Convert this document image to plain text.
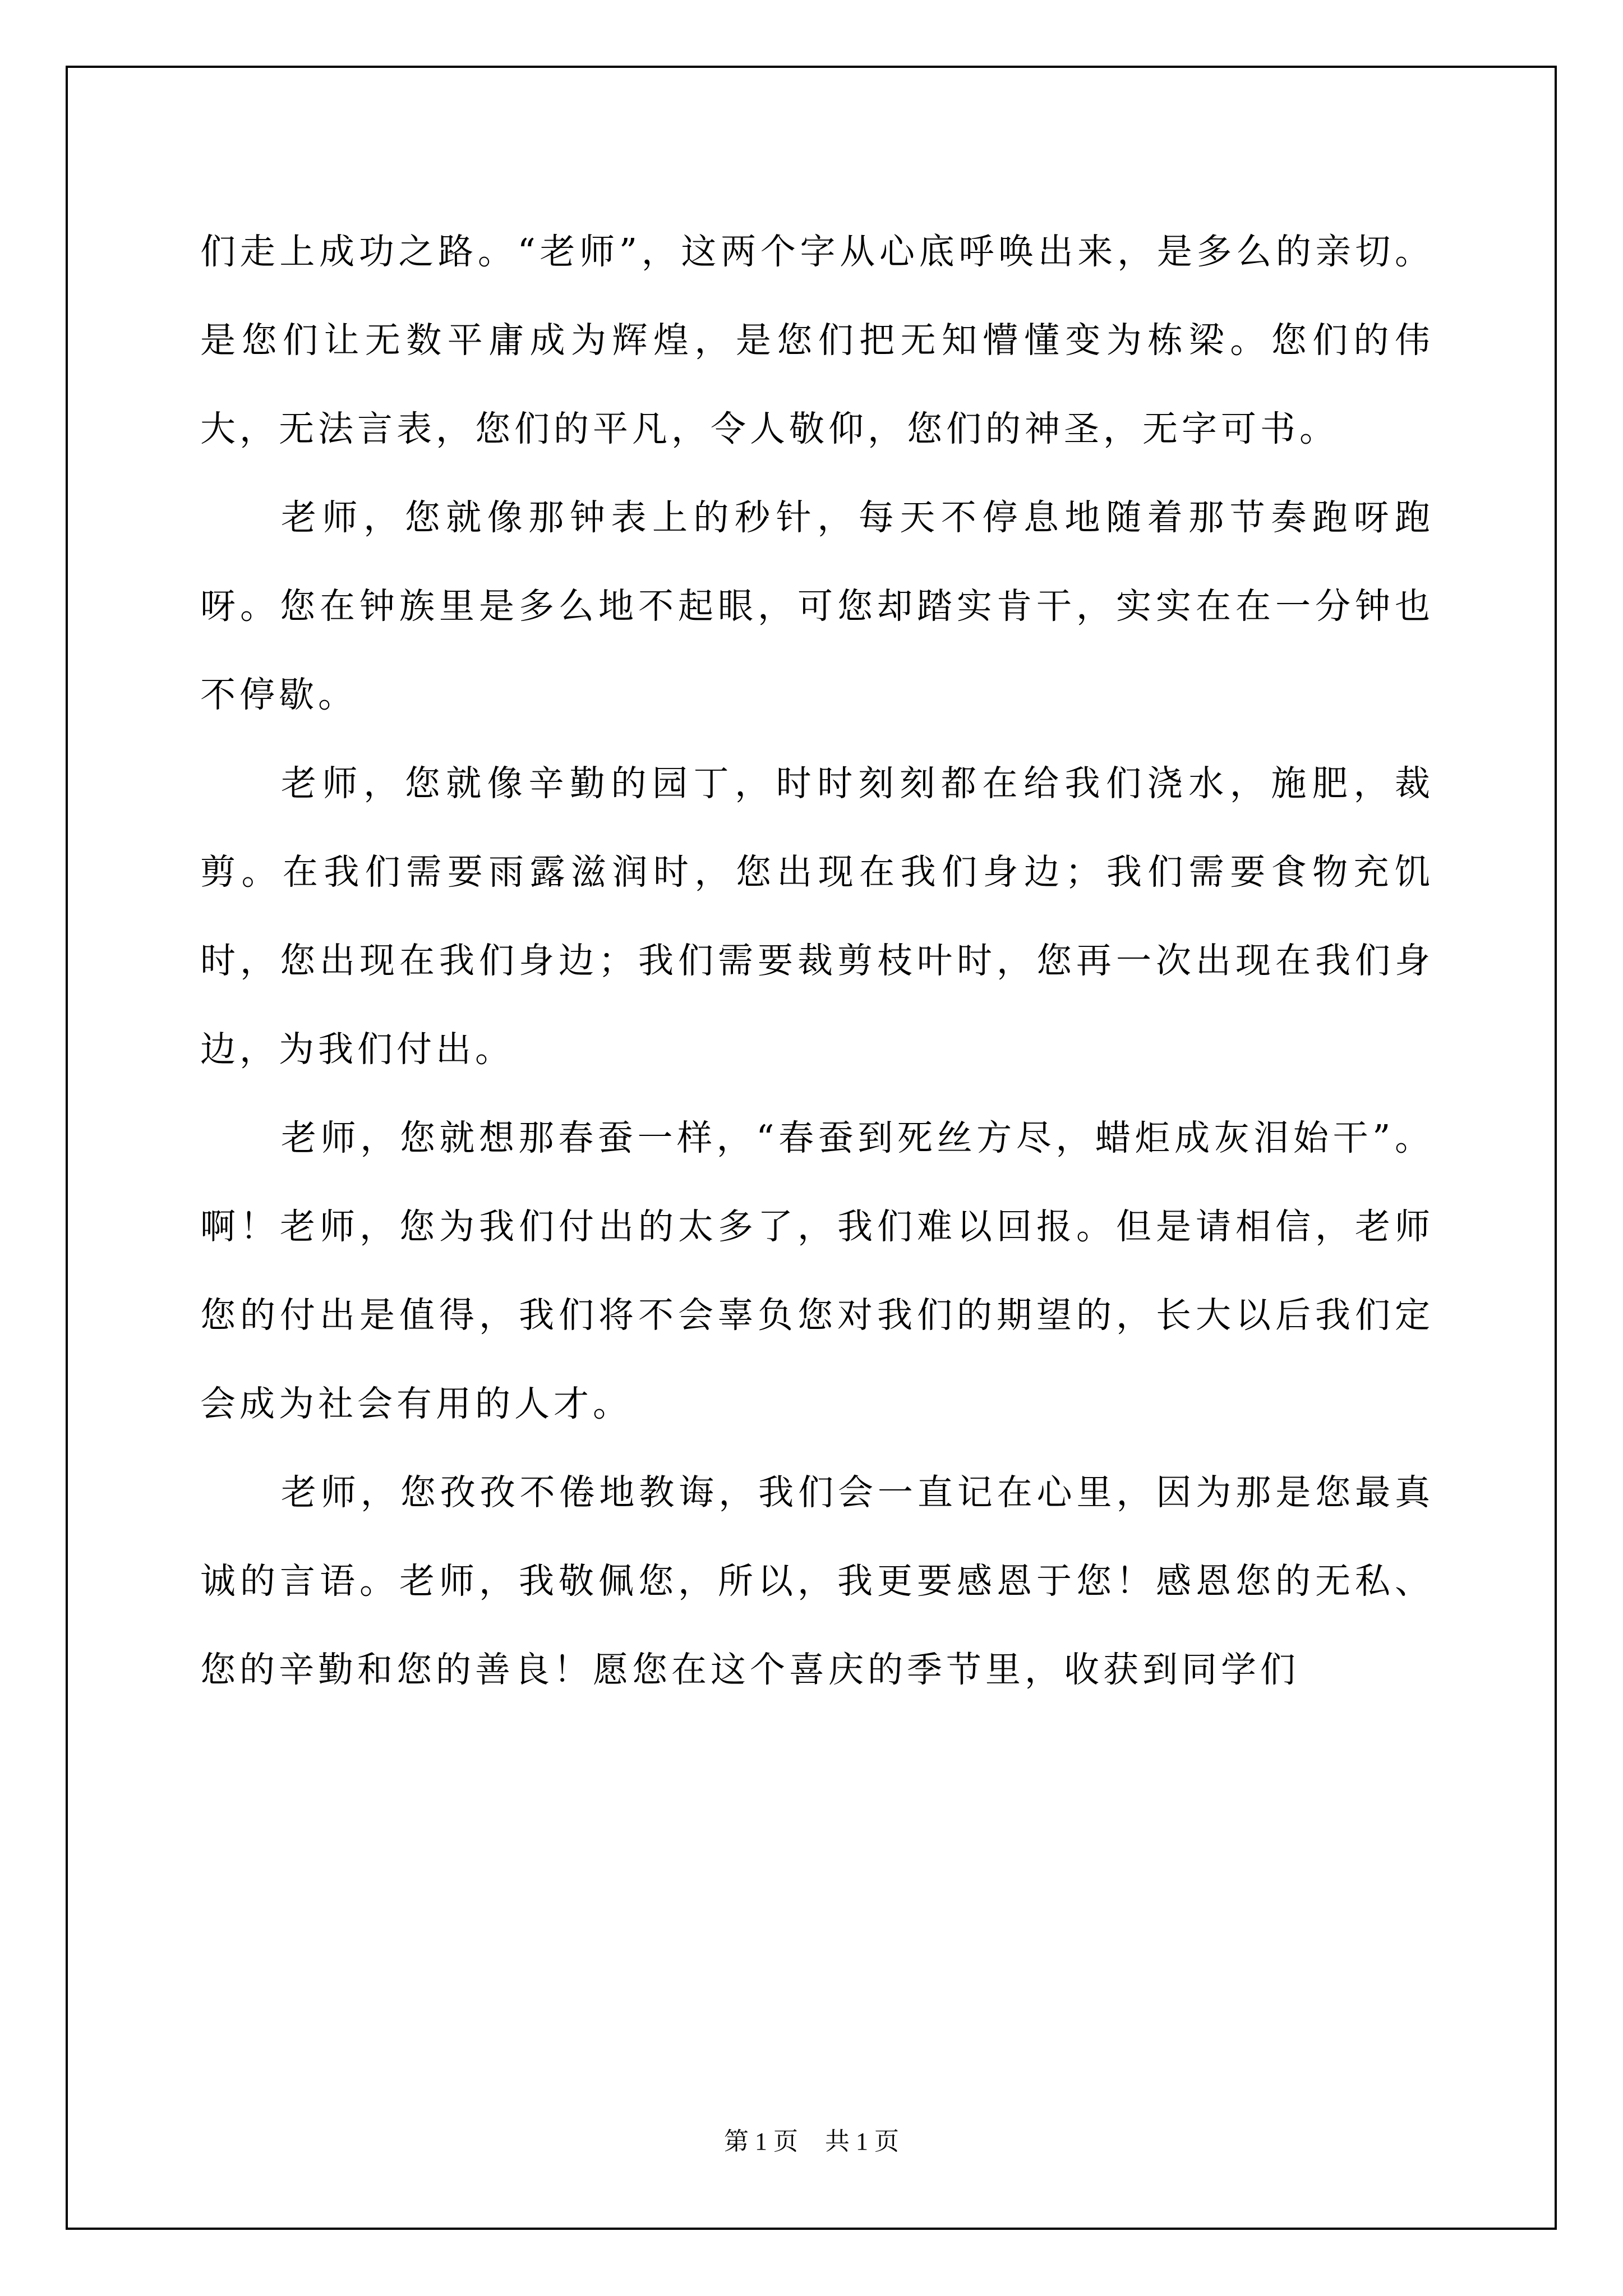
们走上成功之路。“老师”，这两个字从心底呼唤出来，是多么的亲切。是您们让无数平庸成为辉煌，是您们把无知懵懂变为栋梁。您们的伟大，无法言表，您们的平凡，令人敬仰，您们的神圣，无字可书。

老师，您就像那钟表上的秒针，每天不停息地随着那节奏跑呀跑呀。您在钟族里是多么地不起眼，可您却踏实肯干，实实在在一分钟也不停歇。

老师，您就像辛勤的园丁，时时刻刻都在给我们浇水，施肥，裁剪。在我们需要雨露滋润时，您出现在我们身边；我们需要食物充饥时，您出现在我们身边；我们需要裁剪枝叶时，您再一次出现在我们身边，为我们付出。

老师，您就想那春蚕一样，“春蚕到死丝方尽，蜡炬成灰泪始干”。啊！老师，您为我们付出的太多了，我们难以回报。但是请相信，老师您的付出是值得，我们将不会辜负您对我们的期望的，长大以后我们定会成为社会有用的人才。

老师，您孜孜不倦地教诲，我们会一直记在心里，因为那是您最真诚的言语。老师，我敬佩您，所以，我更要感恩于您！感恩您的无私、您的辛勤和您的善良！愿您在这个喜庆的季节里，收获到同学们

第 1 页 共 1 页
